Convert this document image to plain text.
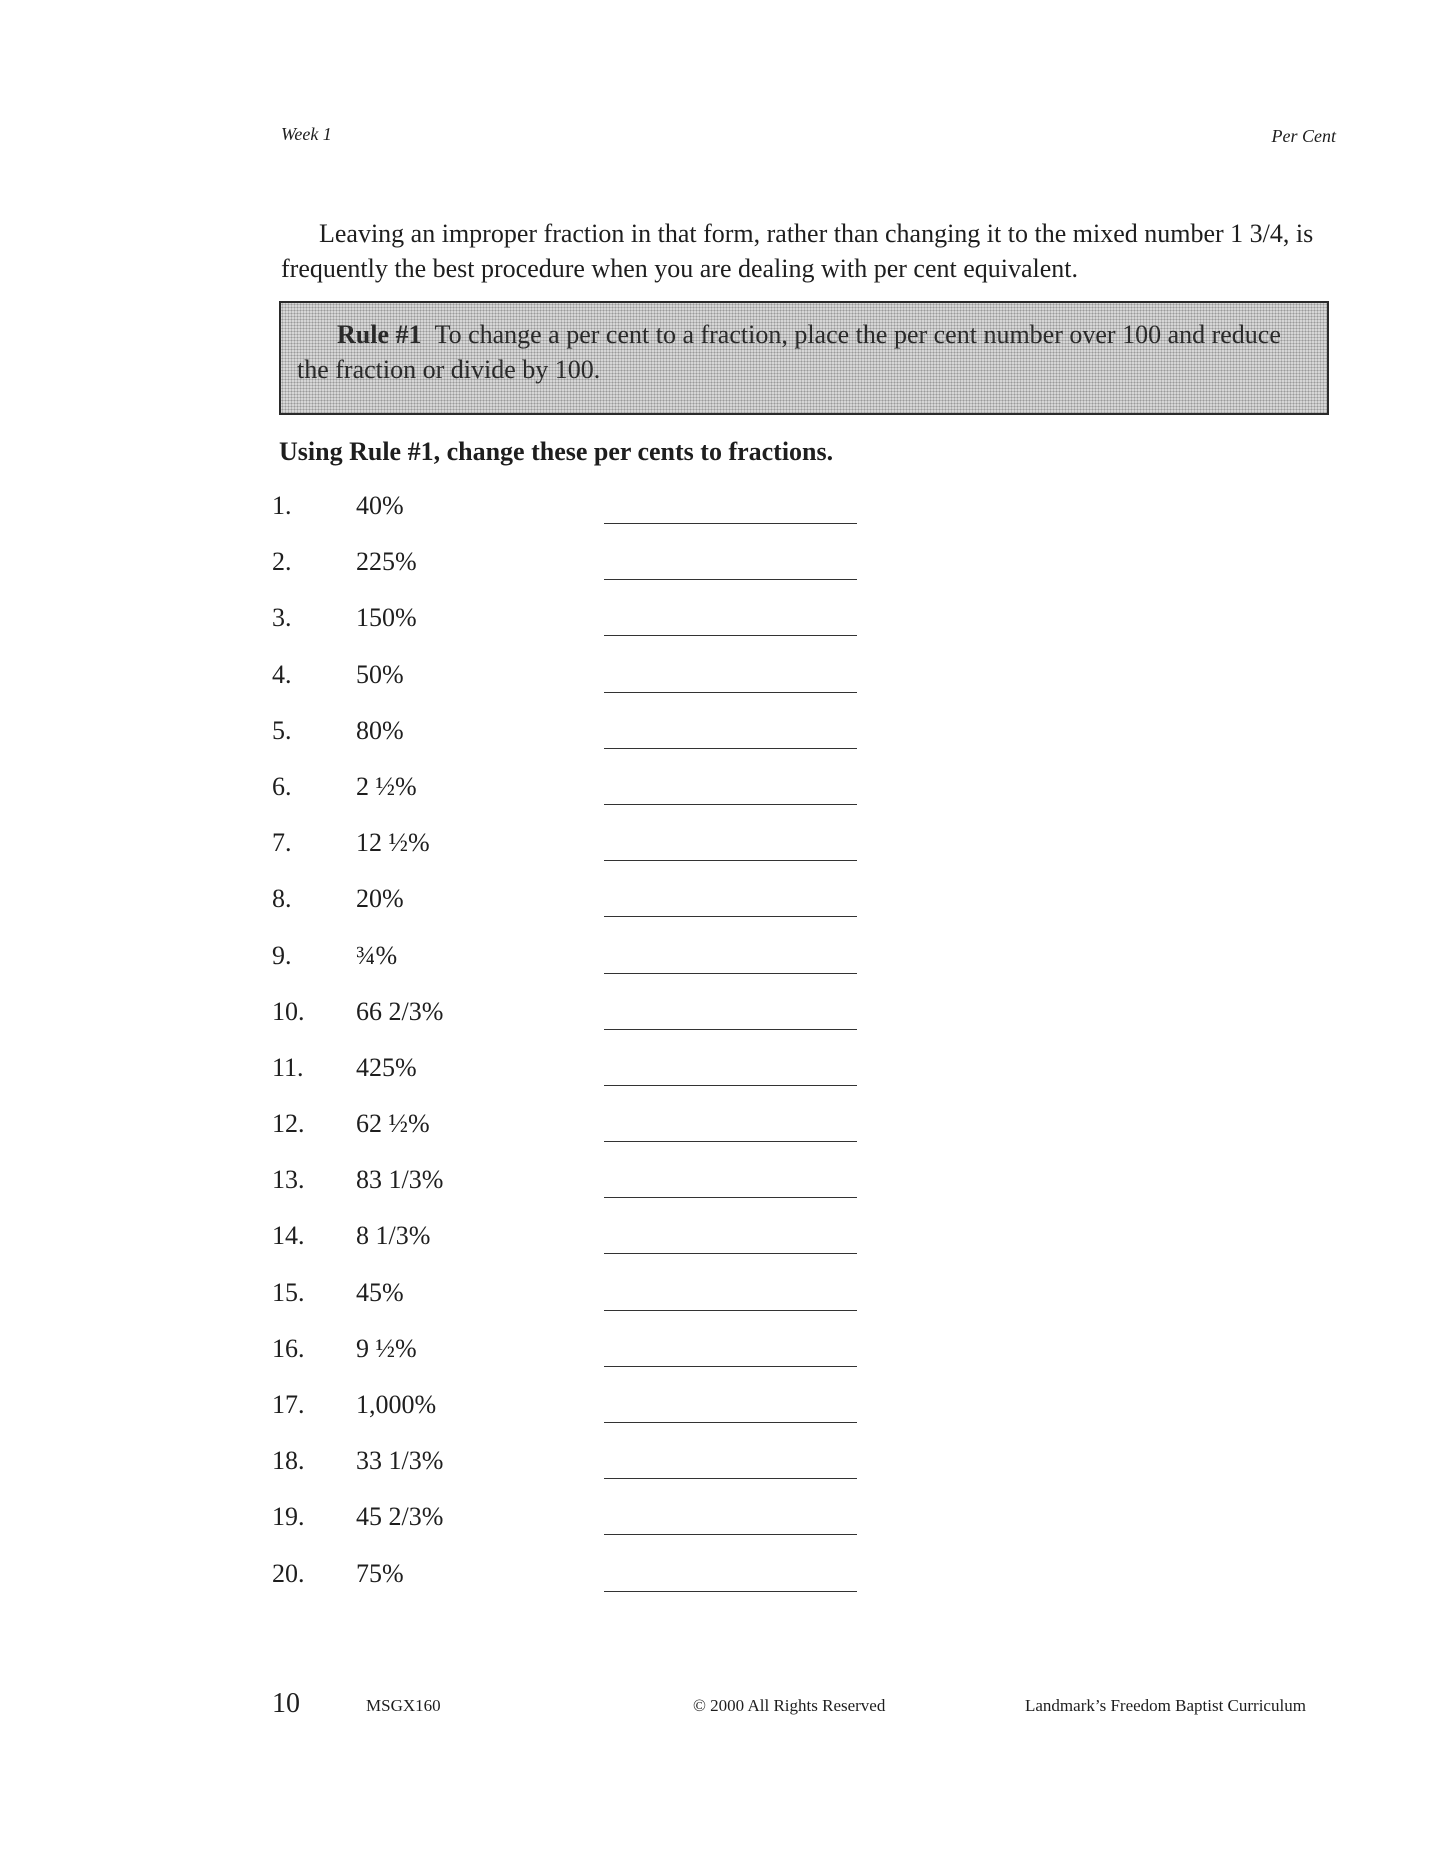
Week 1	Per Cent
Leaving an improper fraction in that form, rather than changing it to the mixed number 1 3/4, is frequently the best procedure when you are dealing with per cent equivalent.
Rule #1 To change a per cent to a fraction, place the per cent number over 100 and reduce the fraction or divide by 100.
Using Rule #1, change these per cents to fractions.
1. 40%
2. 225%
3. 150%
4. 50%
5. 80%
6. 2 ½%
7. 12 ½%
8. 20%
9. ¾%
10. 66 2/3%
11. 425%
12. 62 ½%
13. 83 1/3%
14. 8 1/3%
15. 45%
16. 9 ½%
17. 1,000%
18. 33 1/3%
19. 45 2/3%
20. 75%
10	MSGX160	© 2000 All Rights Reserved	Landmark’s Freedom Baptist Curriculum
